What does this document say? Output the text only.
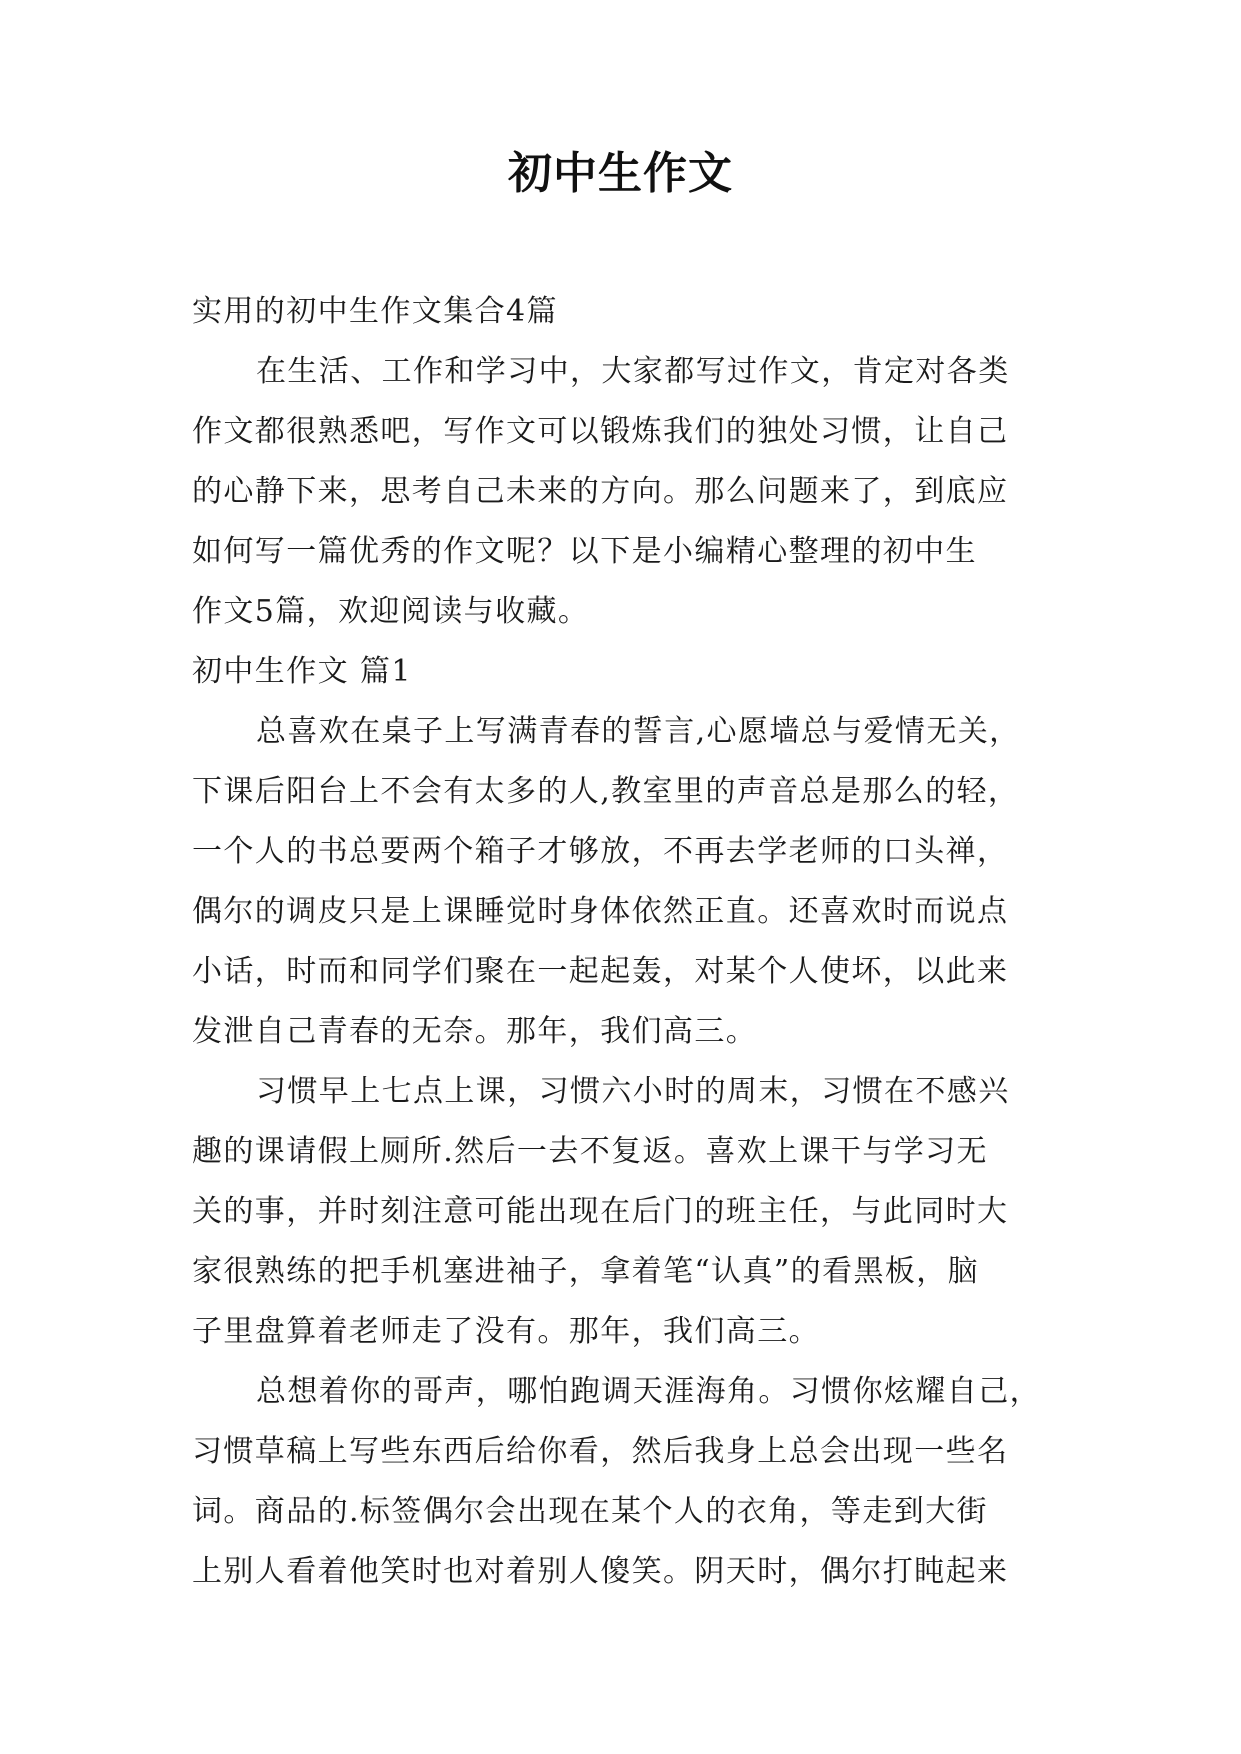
初中生作文
实用的初中生作文集合4篇
在生活、工作和学习中，大家都写过作文，肯定对各类
作文都很熟悉吧，写作文可以锻炼我们的独处习惯，让自己
的心静下来，思考自己未来的方向。那么问题来了，到底应
如何写一篇优秀的作文呢？以下是小编精心整理的初中生
作文5篇，欢迎阅读与收藏。
初中生作文 篇1
总喜欢在桌子上写满青春的誓言,心愿墙总与爱情无关，
下课后阳台上不会有太多的人,教室里的声音总是那么的轻，
一个人的书总要两个箱子才够放，不再去学老师的口头禅，
偶尔的调皮只是上课睡觉时身体依然正直。还喜欢时而说点
小话，时而和同学们聚在一起起轰，对某个人使坏，以此来
发泄自己青春的无奈。那年，我们高三。
习惯早上七点上课，习惯六小时的周末，习惯在不感兴
趣的课请假上厕所.然后一去不复返。喜欢上课干与学习无
关的事，并时刻注意可能出现在后门的班主任，与此同时大
家很熟练的把手机塞进袖子，拿着笔“认真”的看黑板，脑
子里盘算着老师走了没有。那年，我们高三。
总想着你的哥声，哪怕跑调天涯海角。习惯你炫耀自己，
习惯草稿上写些东西后给你看，然后我身上总会出现一些名
词。商品的.标签偶尔会出现在某个人的衣角，等走到大街
上别人看着他笑时也对着别人傻笑。阴天时，偶尔打盹起来
